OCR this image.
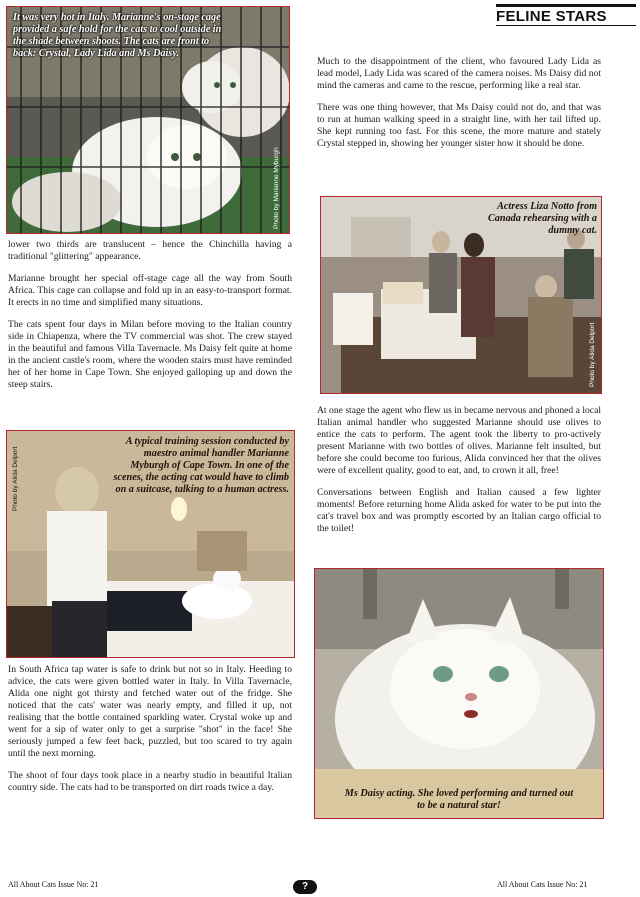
FELINE STARS
It was very hot in Italy. Marianne's on-stage cage provided a safe hold for the cats to cool outside in the shade between shoots. The cats are front to back: Crystal, Lady Lida and Ms Daisy.
Photo by Marianne Myburgh

lower two thirds are translucent – hence the Chinchilla having a traditional "glittering" appearance.

Marianne brought her special off-stage cage all the way from South Africa. This cage can collapse and fold up in an easy-to-transport format. It erects in no time and simplified many situations.

The cats spent four days in Milan before moving to the Italian country side in Chiapenza, where the TV commercial was shot. The crew stayed in the beautiful and famous Villa Tavernacle. Ms Daisy felt quite at home in the ancient castle's room, where the wooden stairs must have reminded her of her home in Cape Town. She enjoyed galloping up and down the steep stairs.

A typical training session conducted by maestro animal handler Marianne Myburgh of Cape Town. In one of the scenes, the acting cat would have to climb on a suitcase, talking to a human actress.
Photo by Alida Delport

In South Africa tap water is safe to drink but not so in Italy. Heeding to advice, the cats were given bottled water in Italy. In Villa Tavernacle, Alida one night got thirsty and fetched water out of the fridge. She noticed that the cats' water was nearly empty, and filled it up, not realising that the bottle contained sparkling water. Crystal woke up and went for a sip of water only to get a surprise "shot" in the face! She seriously jumped a few feet back, puzzled, but too scared to try again until the next morning.

The shoot of four days took place in a nearby studio in beautiful Italian country side. The cats had to be transported on dirt roads twice a day.

Much to the disappointment of the client, who favoured Lady Lida as lead model, Lady Lida was scared of the camera noises. Ms Daisy did not mind the cameras and came to the rescue, performing like a real star.

There was one thing however, that Ms Daisy could not do, and that was to run at human walking speed in a straight line, with her tail lifted up. She kept running too fast. For this scene, the more mature and stately Crystal stepped in, showing her younger sister how it should be done.

Actress Liza Notto from Canada rehearsing with a dummy cat.
Photo by Alida Delport

At one stage the agent who flew us in became nervous and phoned a local Italian animal handler who suggested Marianne should use olives to entice the cats to perform. The agent took the liberty to pro-actively present Marianne with two bottles of olives. Marianne felt insulted, but before she could become too furious, Alida convinced her that the olives were of excellent quality, good to eat, and, to crown it all, free!

Conversations between English and Italian caused a few lighter moments! Before returning home Alida asked for water to be put into the cat's travel box and was promptly escorted by an Italian cargo official to the toilet!

Ms Daisy acting. She loved performing and turned out to be a natural star!
All About Cats Issue No: 21	?	All About Cats Issue No: 21
